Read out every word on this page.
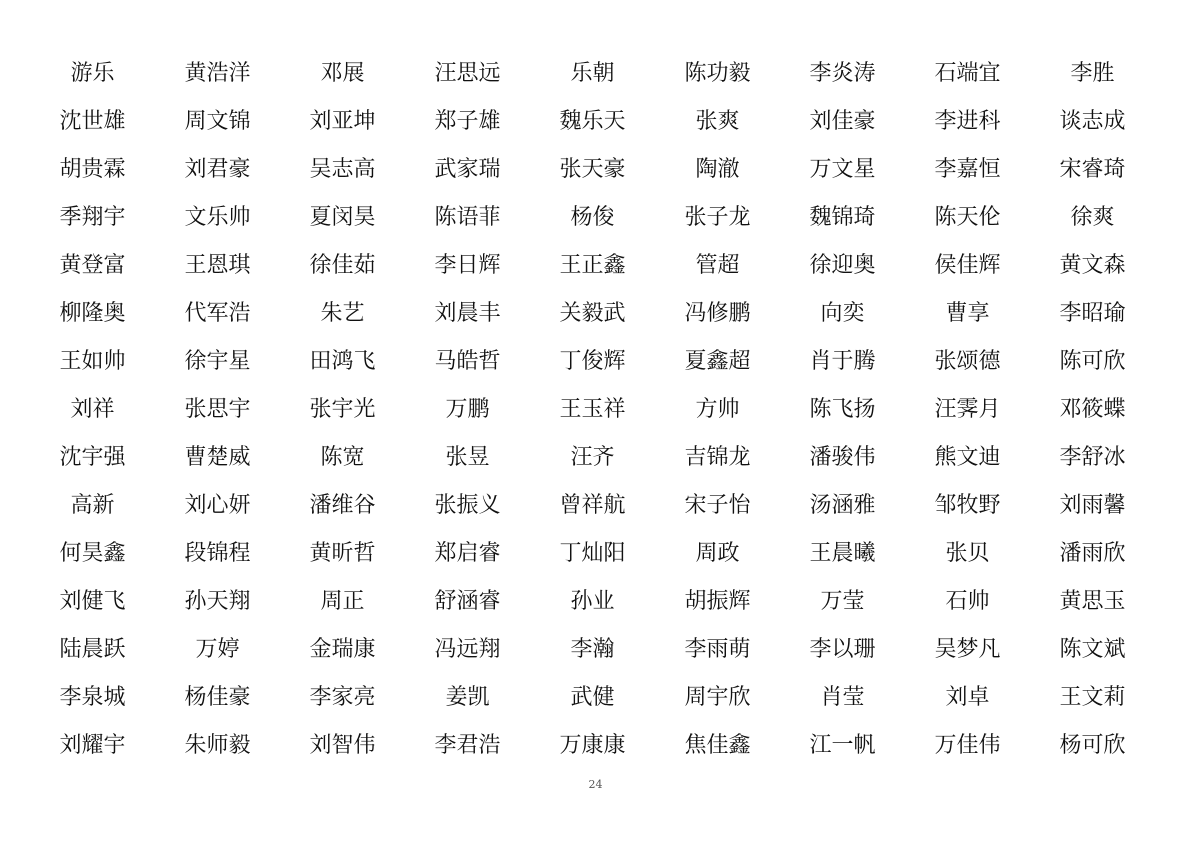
游乐	黄浩洋	邓展	汪思远	乐朝	陈功毅	李炎涛	石端宜	李胜
沈世雄	周文锦	刘亚坤	郑子雄	魏乐天	张爽	刘佳豪	李进科	谈志成
胡贵霖	刘君豪	吴志高	武家瑞	张天豪	陶澈	万文星	李嘉恒	宋睿琦
季翔宇	文乐帅	夏闵昊	陈语菲	杨俊	张子龙	魏锦琦	陈天伦	徐爽
黄登富	王恩琪	徐佳茹	李日辉	王正鑫	管超	徐迎奥	侯佳辉	黄文森
柳隆奥	代军浩	朱艺	刘晨丰	关毅武	冯修鹏	向奕	曹享	李昭瑜
王如帅	徐宇星	田鸿飞	马皓哲	丁俊辉	夏鑫超	肖于腾	张颂德	陈可欣
刘祥	张思宇	张宇光	万鹏	王玉祥	方帅	陈飞扬	汪霁月	邓筱蝶
沈宇强	曹楚威	陈宽	张昱	汪齐	吉锦龙	潘骏伟	熊文迪	李舒冰
高新	刘心妍	潘维谷	张振义	曾祥航	宋子怡	汤涵雅	邹牧野	刘雨馨
何昊鑫	段锦程	黄昕哲	郑启睿	丁灿阳	周政	王晨曦	张贝	潘雨欣
刘健飞	孙天翔	周正	舒涵睿	孙业	胡振辉	万莹	石帅	黄思玉
陆晨跃	万婷	金瑞康	冯远翔	李瀚	李雨萌	李以珊	吴梦凡	陈文斌
李泉城	杨佳豪	李家亮	姜凯	武健	周宇欣	肖莹	刘卓	王文莉
刘耀宇	朱师毅	刘智伟	李君浩	万康康	焦佳鑫	江一帆	万佳伟	杨可欣
24
